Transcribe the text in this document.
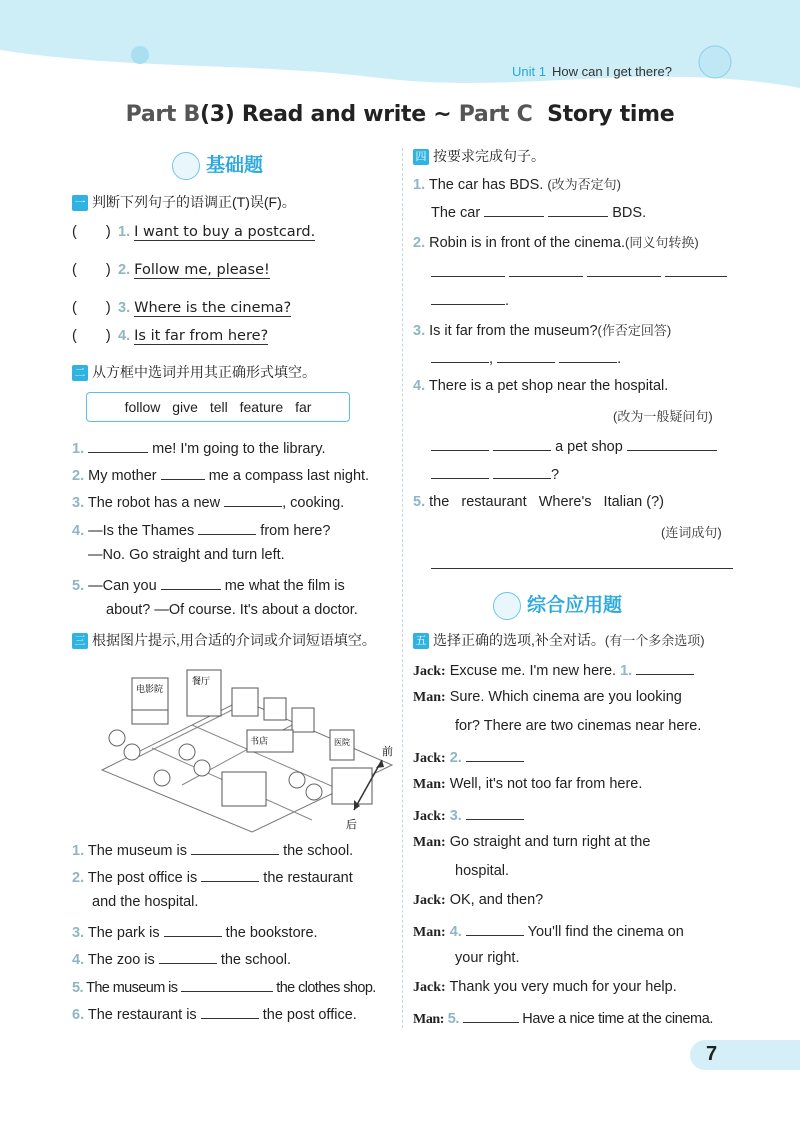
Unit 1 How can I get there?
Part B(3) Read and write ~ Part C Story time
基础题
一 判断下列句子的语调正(T)误(F)。
(　　) 1. I want to buy a postcard.
(　　) 2. Follow me, please!
(　　) 3. Where is the cinema?
(　　) 4. Is it far from here?
二 从方框中选词并用其正确形式填空。
follow give tell feature far
1.	me! I'm going to the library.
2. My mother	me a compass last night.
3. The robot has a new	, cooking.
4. —Is the Thames	from here?
—No. Go straight and turn left.
5. —Can you	me what the film is
about? —Of course. It's about a doctor.
三 根据图片提示,用合适的介词或介词短语填空。
电影院
餐厅
书店	医院
前
后
1. The museum is	the school.
2. The post office is	the restaurant
and the hospital.
3. The park is	the bookstore.
4. The zoo is	the school.
5. The museum is	the clothes shop.
6. The restaurant is	the post office.
四 按要求完成句子。
1. The car has BDS. (改为否定句)
The car	BDS.
2. Robin is in front of the cinema.(同义句转换)

.
3. Is it far from the museum?(作否定回答)
,	.
4. There is a pet shop near the hospital.
(改为一般疑问句)
a pet shop
?
5. the   restaurant   Where's   Italian (?)
(连词成句)
综合应用题
五 选择正确的选项,补全对话。(有一个多余选项)
Jack: Excuse me. I'm new here. 1.
Man: Sure. Which cinema are you looking
for? There are two cinemas near here.
Jack: 2.
Man: Well, it's not too far from here.
Jack: 3.
Man: Go straight and turn right at the
hospital.
Jack: OK, and then?
Man: 4.	You'll find the cinema on
your right.
Jack: Thank you very much for your help.
Man: 5.	Have a nice time at the cinema.
7
